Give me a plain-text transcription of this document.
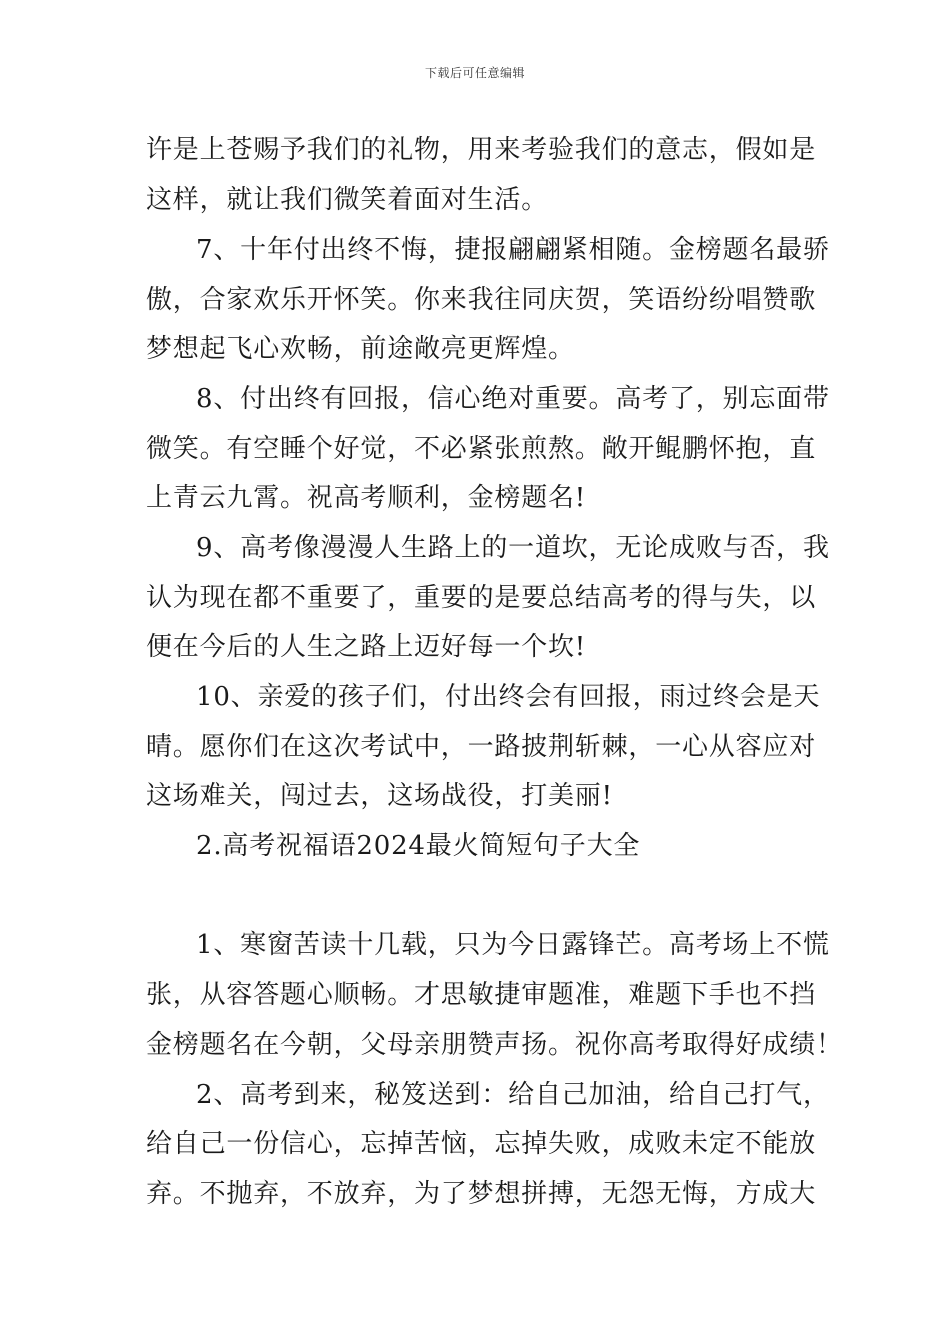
下载后可任意编辑
许是上苍赐予我们的礼物，用来考验我们的意志，假如是
这样，就让我们微笑着面对生活。
7、十年付出终不悔，捷报翩翩紧相随。金榜题名最骄
傲，合家欢乐开怀笑。你来我往同庆贺，笑语纷纷唱赞歌
梦想起飞心欢畅，前途敞亮更辉煌。
8、付出终有回报，信心绝对重要。高考了，别忘面带
微笑。有空睡个好觉，不必紧张煎熬。敞开鲲鹏怀抱，直
上青云九霄。祝高考顺利，金榜题名!
9、高考像漫漫人生路上的一道坎，无论成败与否，我
认为现在都不重要了，重要的是要总结高考的得与失，以
便在今后的人生之路上迈好每一个坎!
10、亲爱的孩子们，付出终会有回报，雨过终会是天
晴。愿你们在这次考试中，一路披荆斩棘，一心从容应对
这场难关，闯过去，这场战役，打美丽!
2.高考祝福语2024最火简短句子大全
1、寒窗苦读十几载，只为今日露锋芒。高考场上不慌
张，从容答题心顺畅。才思敏捷审题准，难题下手也不挡
金榜题名在今朝，父母亲朋赞声扬。祝你高考取得好成绩！
2、高考到来，秘笈送到：给自己加油，给自己打气，
给自己一份信心，忘掉苦恼，忘掉失败，成败未定不能放
弃。不抛弃，不放弃，为了梦想拼搏，无怨无悔，方成大
